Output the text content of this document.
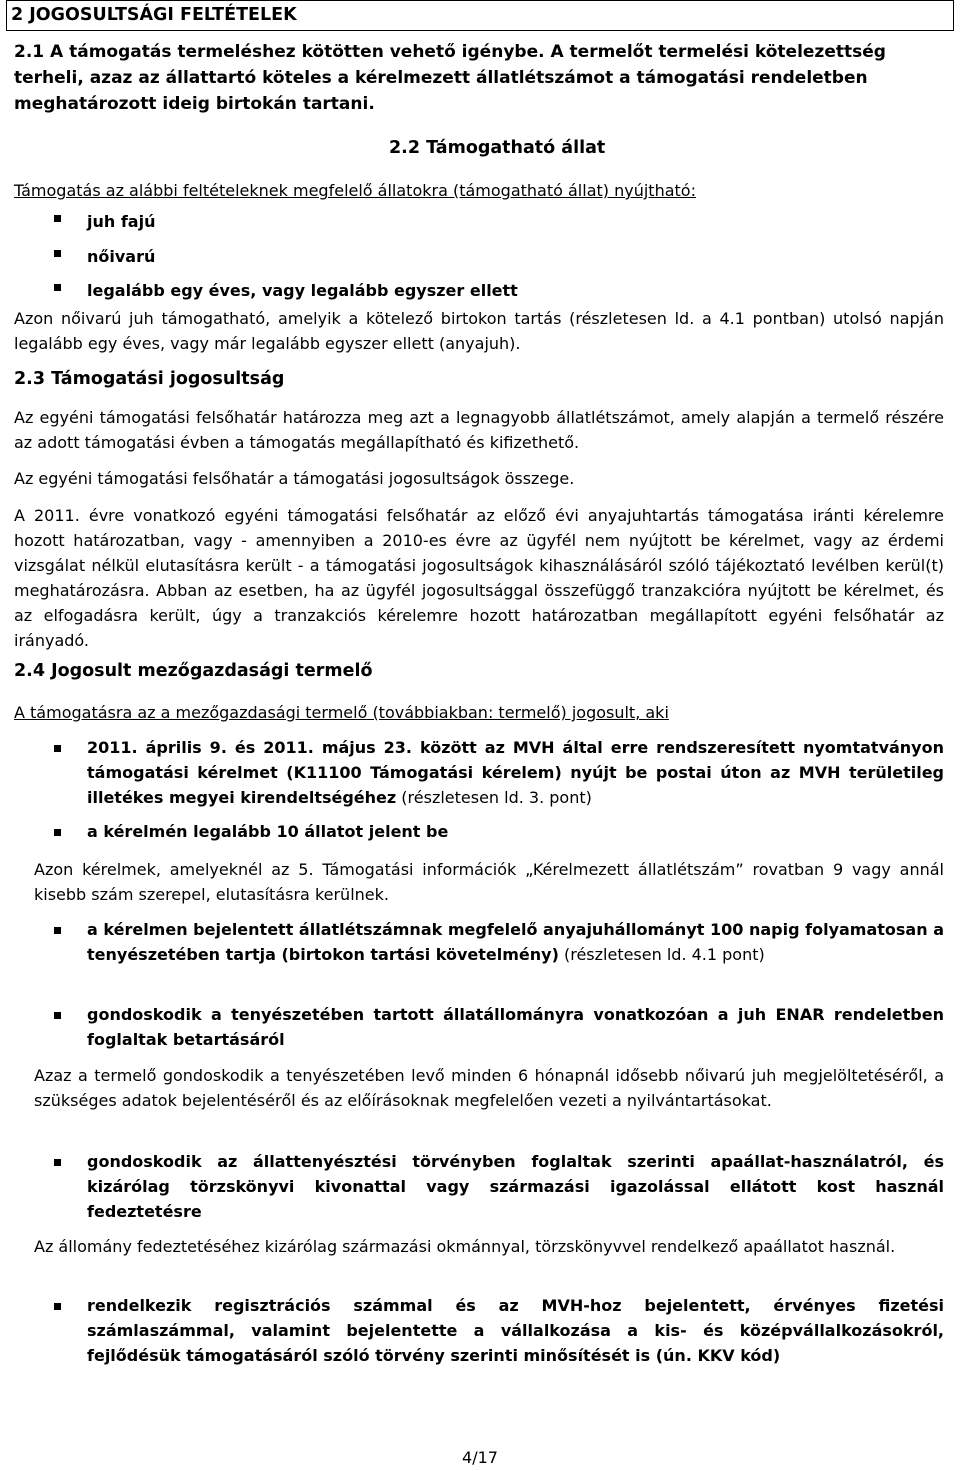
2 JOGOSULTSÁGI FELTÉTELEK
2.1 A támogatás termeléshez kötötten vehető igénybe. A termelőt termelési kötelezettség terheli, azaz az állattartó köteles a kérelmezett állatlétszámot a támogatási rendeletben meghatározott ideig birtokán tartani.
2.2 Támogatható állat
Támogatás az alábbi feltételeknek megfelelő állatokra (támogatható állat) nyújtható:
juh fajú
nőivarú
legalább egy éves, vagy legalább egyszer ellett
Azon nőivarú juh támogatható, amelyik a kötelező birtokon tartás (részletesen ld. a 4.1 pontban) utolsó napján legalább egy éves, vagy már legalább egyszer ellett (anyajuh).
2.3 Támogatási jogosultság
Az egyéni támogatási felsőhatár határozza meg azt a legnagyobb állatlétszámot, amely alapján a termelő részére az adott támogatási évben a támogatás megállapítható és kifizethető.
Az egyéni támogatási felsőhatár a támogatási jogosultságok összege.
A 2011. évre vonatkozó egyéni támogatási felsőhatár az előző évi anyajuhtartás támogatása iránti kérelemre hozott határozatban, vagy - amennyiben a 2010-es évre az ügyfél nem nyújtott be kérelmet, vagy az érdemi vizsgálat nélkül elutasításra került - a támogatási jogosultságok kihasználásáról szóló tájékoztató levélben kerül(t) meghatározásra. Abban az esetben, ha az ügyfél jogosultsággal összefüggő tranzakcióra nyújtott be kérelmet, és az elfogadásra került, úgy a tranzakciós kérelemre hozott határozatban megállapított egyéni felsőhatár az irányadó.
2.4 Jogosult mezőgazdasági termelő
A támogatásra az a mezőgazdasági termelő (továbbiakban: termelő) jogosult, aki
2011. április 9. és 2011. május 23. között az MVH által erre rendszeresített nyomtatványon támogatási kérelmet (K11100 Támogatási kérelem) nyújt be postai úton az MVH területileg illetékes megyei kirendeltségéhez (részletesen ld. 3. pont)
a kérelmén legalább 10 állatot jelent be
Azon kérelmek, amelyeknél az 5. Támogatási információk „Kérelmezett állatlétszám” rovatban 9 vagy annál kisebb szám szerepel, elutasításra kerülnek.
a kérelmen bejelentett állatlétszámnak megfelelő anyajuhállományt 100 napig folyamatosan a tenyészetében tartja (birtokon tartási követelmény) (részletesen ld. 4.1 pont)
gondoskodik a tenyészetében tartott állatállományra vonatkozóan a juh ENAR rendeletben foglaltak betartásáról
Azaz a termelő gondoskodik a tenyészetében levő minden 6 hónapnál idősebb nőivarú juh megjelöltetéséről, a szükséges adatok bejelentéséről és az előírásoknak megfelelően vezeti a nyilvántartásokat.
gondoskodik az állattenyésztési törvényben foglaltak szerinti apaállat-használatról, és kizárólag törzskönyvi kivonattal vagy származási igazolással ellátott kost használ fedeztetésre
Az állomány fedeztetéséhez kizárólag származási okmánnyal, törzskönyvvel rendelkező apaállatot használ.
rendelkezik regisztrációs számmal és az MVH-hoz bejelentett, érvényes fizetési számlaszámmal, valamint bejelentette a vállalkozása a kis- és középvállalkozásokról, fejlődésük támogatásáról szóló törvény szerinti minősítését is (ún. KKV kód)
4/17
